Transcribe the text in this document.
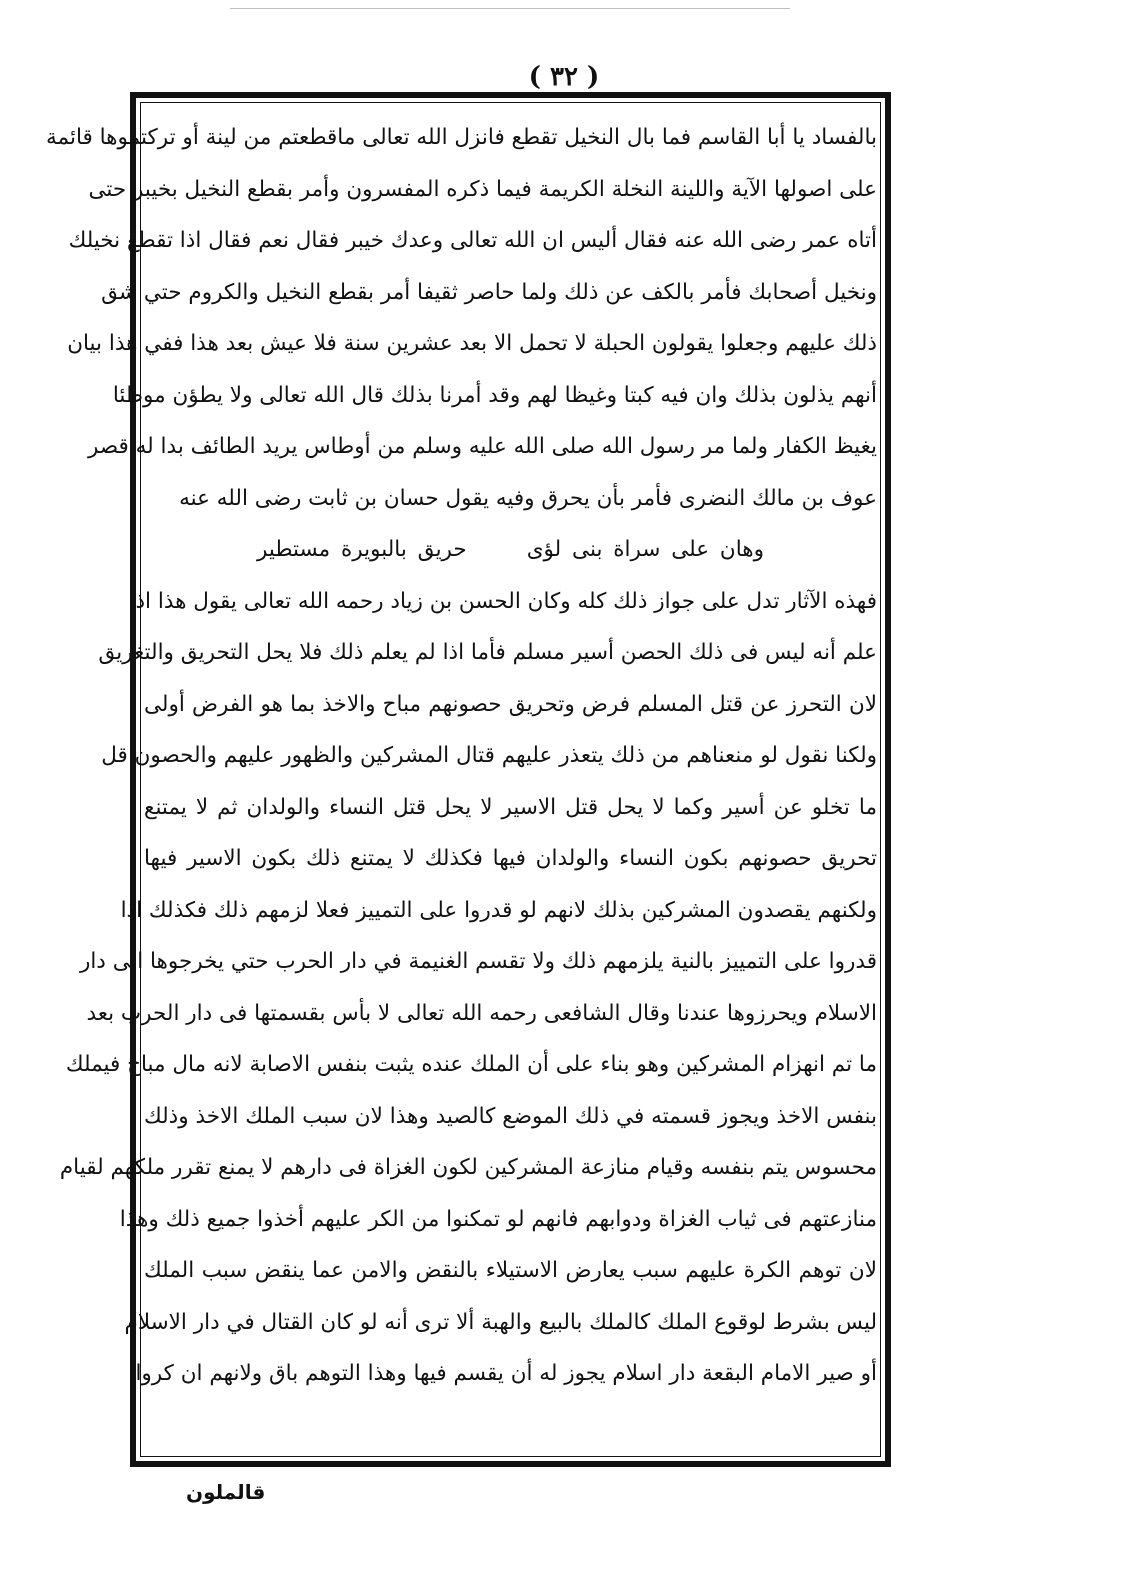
( ٣٢ )
بالفساد يا أبا القاسم فما بال النخيل تقطع فانزل الله تعالى ماقطعتم من لينة أو تركتموها قائمة
على اصولها الآية واللينة النخلة الكريمة فيما ذكره المفسرون وأمر بقطع النخيل بخيبر حتى
أتاه عمر رضى الله عنه فقال أليس ان الله تعالى وعدك خيبر فقال نعم فقال اذا تقطع نخيلك
ونخيل أصحابك فأمر بالكف عن ذلك ولما حاصر ثقيفا أمر بقطع النخيل والكروم حتي شق
ذلك عليهم وجعلوا يقولون الحبلة لا تحمل الا بعد عشرين سنة فلا عيش بعد هذا ففي هذا بيان
أنهم يذلون بذلك وان فيه كبتا وغيظا لهم وقد أمرنا بذلك قال الله تعالى ولا يطؤن موطئا
يغيظ الكفار ولما مر رسول الله صلى الله عليه وسلم من أوطاس يريد الطائف بدا له قصر
عوف بن مالك النضرى فأمر بأن يحرق وفيه يقول حسان بن ثابت رضى الله عنه
وهان على سراة بنى لؤىحريق بالبويرة مستطير
فهذه الآثار تدل على جواز ذلك كله وكان الحسن بن زياد رحمه الله تعالى يقول هذا اذا
علم أنه ليس فى ذلك الحصن أسير مسلم فأما اذا لم يعلم ذلك فلا يحل التحريق والتغريق
لان التحرز عن قتل المسلم فرض وتحريق حصونهم مباح والاخذ بما هو الفرض أولى
ولكنا نقول لو منعناهم من ذلك يتعذر عليهم قتال المشركين والظهور عليهم والحصون قل
ما تخلو عن أسير وكما لا يحل قتل الاسير لا يحل قتل النساء والولدان ثم لا يمتنع
تحريق حصونهم بكون النساء والولدان فيها فكذلك لا يمتنع ذلك بكون الاسير فيها
ولكنهم يقصدون المشركين بذلك لانهم لو قدروا على التمييز فعلا لزمهم ذلك فكذلك اذا
قدروا على التمييز بالنية يلزمهم ذلك ولا تقسم الغنيمة في دار الحرب حتي يخرجوها الى دار
الاسلام ويحرزوها عندنا وقال الشافعى رحمه الله تعالى لا بأس بقسمتها فى دار الحرب بعد
ما تم انهزام المشركين وهو بناء على أن الملك عنده يثبت بنفس الاصابة لانه مال مباح فيملك
بنفس الاخذ ويجوز قسمته في ذلك الموضع كالصيد وهذا لان سبب الملك الاخذ وذلك
محسوس يتم بنفسه وقيام منازعة المشركين لكون الغزاة فى دارهم لا يمنع تقرر ملكهم لقيام
منازعتهم فى ثياب الغزاة ودوابهم فانهم لو تمكنوا من الكر عليهم أخذوا جميع ذلك وهذا
لان توهم الكرة عليهم سبب يعارض الاستيلاء بالنقض والامن عما ينقض سبب الملك
ليس بشرط لوقوع الملك كالملك بالبيع والهبة ألا ترى أنه لو كان القتال في دار الاسلام
أو صير الامام البقعة دار اسلام يجوز له أن يقسم فيها وهذا التوهم باق ولانهم ان كروا
قالملون
